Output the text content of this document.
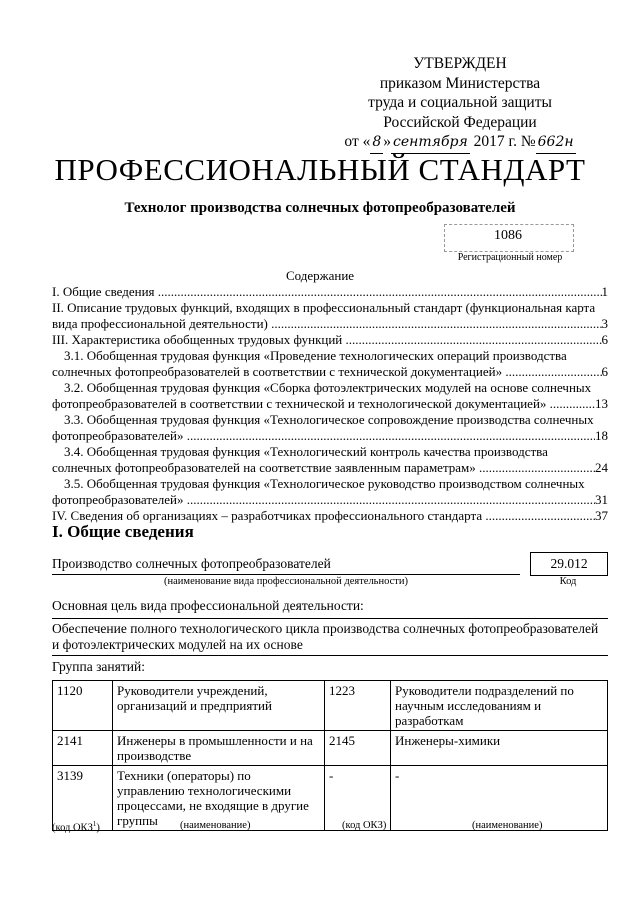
УТВЕРЖДЕН
приказом Министерства
труда и социальной защиты
Российской Федерации
от « 8 » сентября 2017 г. № 662н
ПРОФЕССИОНАЛЬНЫЙ СТАНДАРТ
Технолог производства солнечных фотопреобразователей
1086
Регистрационный номер
Содержание
I. Общие сведения .....	1
II. Описание трудовых функций, входящих в профессиональный стандарт (функциональная карта
вида профессиональной деятельности) .....	3
III. Характеристика обобщенных трудовых функций .....	6
3.1. Обобщенная трудовая функция «Проведение технологических операций производства
солнечных фотопреобразователей в соответствии с технической документацией» .....	6
3.2. Обобщенная трудовая функция «Сборка фотоэлектрических модулей на основе солнечных
фотопреобразователей в соответствии с технической и технологической документацией» .....	13
3.3. Обобщенная трудовая функция «Технологическое сопровождение производства солнечных
фотопреобразователей» .....	18
3.4. Обобщенная трудовая функция «Технологический контроль качества производства
солнечных фотопреобразователей на соответствие заявленным параметрам» .....	24
3.5. Обобщенная трудовая функция «Технологическое руководство производством солнечных
фотопреобразователей» .....	31
IV. Сведения об организациях – разработчиках профессионального стандарта .....	37
I. Общие сведения
Производство солнечных фотопреобразователей	29.012
(наименование вида профессиональной деятельности)	Код
Основная цель вида профессиональной деятельности:
Обеспечение полного технологического цикла производства солнечных фотопреобразователей и фотоэлектрических модулей на их основе
Группа занятий:
1120	Руководители учреждений, организаций и предприятий	1223	Руководители подразделений по научным исследованиям и разработкам
2141	Инженеры в промышленности и на производстве	2145	Инженеры-химики
3139	Техники (операторы) по управлению технологическими процессами, не входящие в другие группы	-	-
(код ОКЗ$^1$)	(наименование)	(код ОКЗ)	(наименование)
